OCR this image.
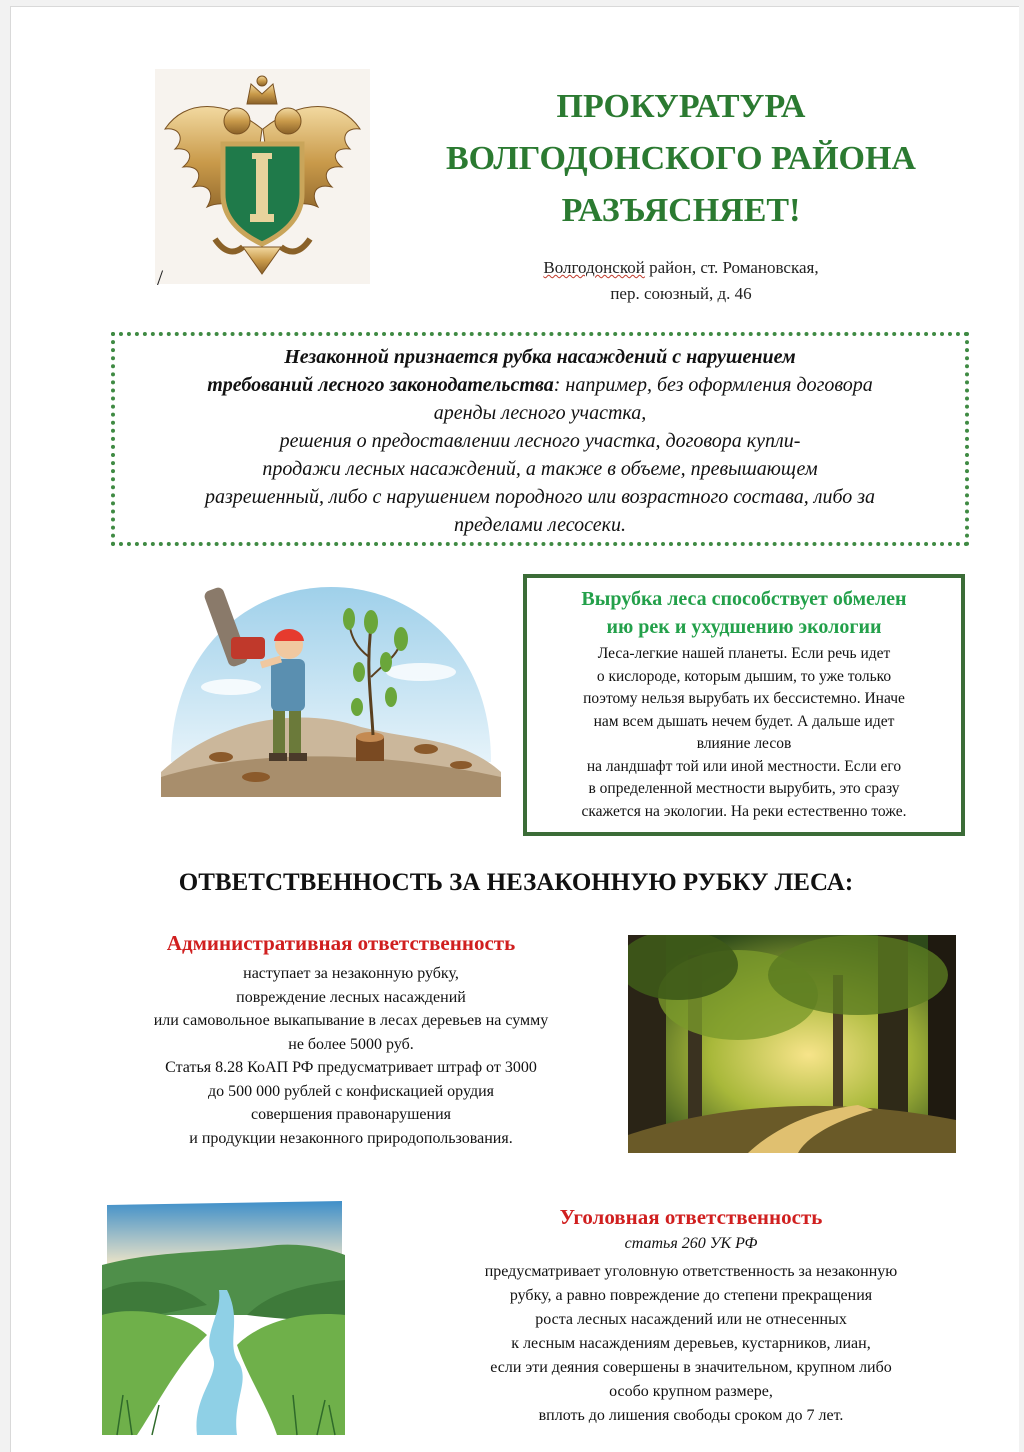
/
ПРОКУРАТУРА
ВОЛГОДОНСКОГО РАЙОНА
РАЗЪЯСНЯЕТ!
Волгодонской район, ст. Романовская,
пер. союзный, д. 46
Незаконной признается рубка насаждений с нарушением
требований лесного законодательства: например, без оформления договора
аренды лесного участка,
решения о предоставлении лесного участка, договора купли-
продажи лесных насаждений, а также в объеме, превышающем
разрешенный, либо с нарушением породного или возрастного состава, либо за
пределами лесосеки.
Вырубка леса способствует обмелен
ию рек и ухудшению экологии
Леса-легкие нашей планеты. Если речь идет
о кислороде, которым дышим, то уже только
поэтому нельзя вырубать их бессистемно. Иначе
нам всем дышать нечем будет. А дальше идет
влияние лесов
на ландшафт той или иной местности. Если его
в определенной местности вырубить, это сразу
скажется на экологии. На реки естественно тоже.
ОТВЕТСТВЕННОСТЬ ЗА НЕЗАКОННУЮ РУБКУ ЛЕСА:
Административная ответственность
наступает за незаконную рубку,
повреждение лесных насаждений
или самовольное выкапывание в лесах деревьев на сумму
не более 5000 руб.
Статья 8.28 КоАП РФ предусматривает штраф от 3000
до 500 000 рублей с конфискацией орудия
совершения правонарушения
и продукции незаконного природопользования.
Уголовная ответственность
статья 260 УК РФ
предусматривает уголовную ответственность за незаконную
рубку, а равно повреждение до степени прекращения
роста лесных насаждений или не отнесенных
к лесным насаждениям деревьев, кустарников, лиан,
если эти деяния совершены в значительном, крупном либо
особо крупном размере,
вплоть до лишения свободы сроком до 7 лет.
